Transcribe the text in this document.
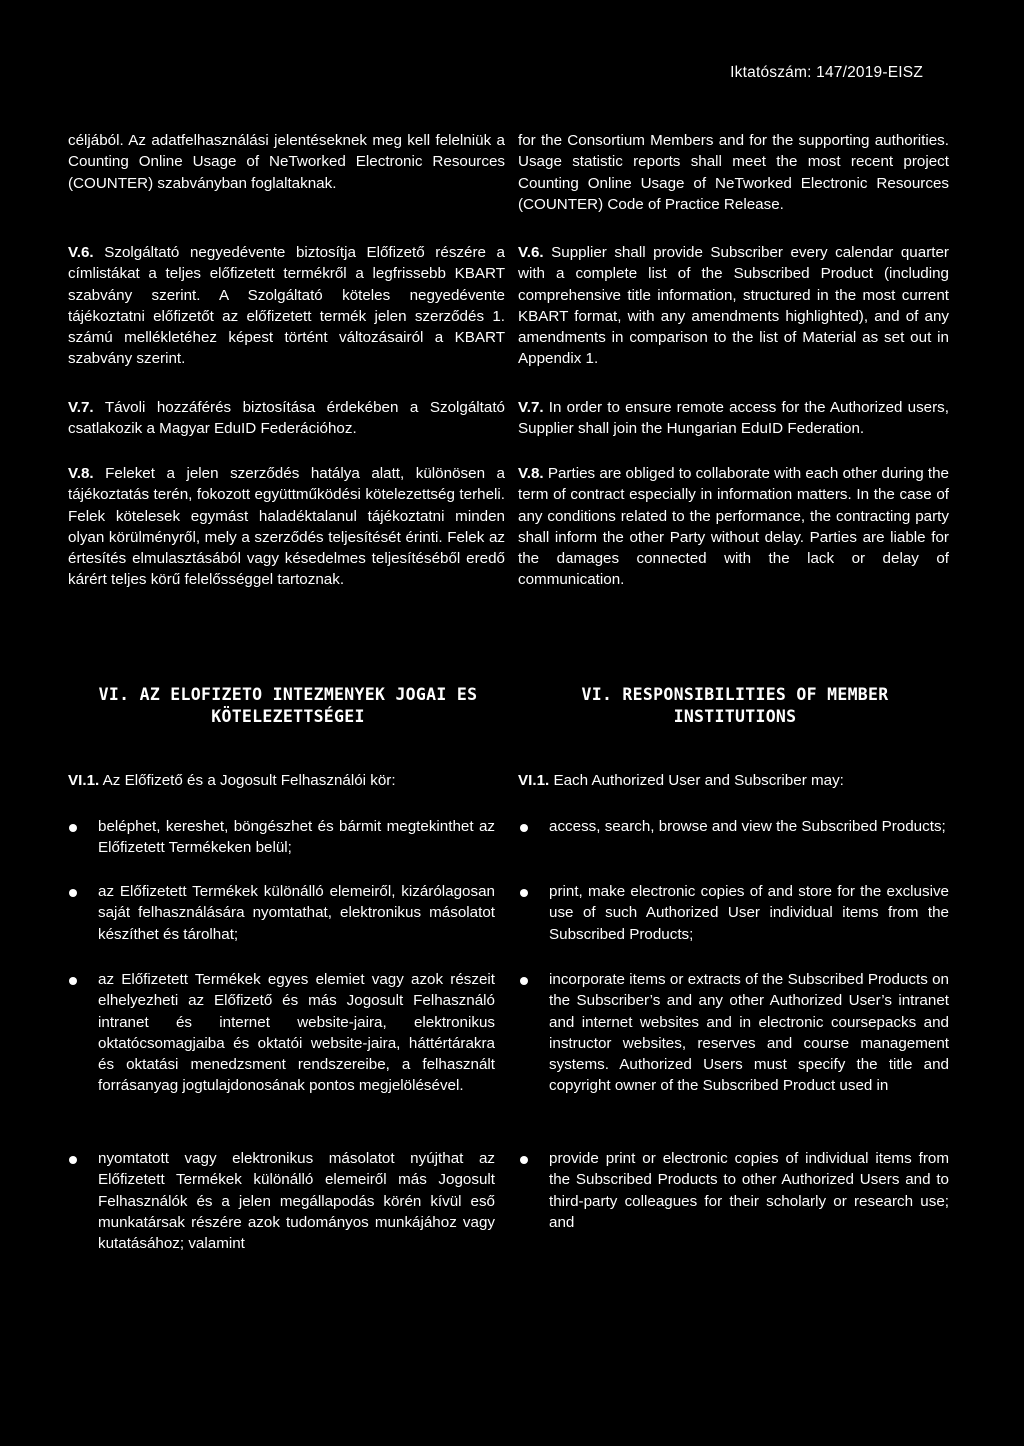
Iktatószám: 147/2019-EISZ
céljából. Az adatfelhasználási jelentéseknek meg kell felelniük a Counting Online Usage of NeTworked Electronic Resources (COUNTER) szabványban foglaltaknak.
for the Consortium Members and for the supporting authorities. Usage statistic reports shall meet the most recent project Counting Online Usage of NeTworked Electronic Resources (COUNTER) Code of Practice Release.
V.6. Szolgáltató negyedévente biztosítja Előfizető részére a címlistákat a teljes előfizetett termékről a legfrissebb KBART szabvány szerint. A Szolgáltató köteles negyedévente tájékoztatni előfizetőt az előfizetett termék jelen szerződés 1. számú mellékletéhez képest történt változásairól a KBART szabvány szerint.
V.6. Supplier shall provide Subscriber every calendar quarter with a complete list of the Subscribed Product (including comprehensive title information, structured in the most current KBART format, with any amendments highlighted), and of any amendments in comparison to the list of Material as set out in Appendix 1.
V.7. Távoli hozzáférés biztosítása érdekében a Szolgáltató csatlakozik a Magyar EduID Federációhoz.
V.7. In order to ensure remote access for the Authorized users, Supplier shall join the Hungarian EduID Federation.
V.8. Feleket a jelen szerződés hatálya alatt, különösen a tájékoztatás terén, fokozott együttműködési kötelezettség terheli. Felek kötelesek egymást haladéktalanul tájékoztatni minden olyan körülményről, mely a szerződés teljesítését érinti. Felek az értesítés elmulasztásából vagy késedelmes teljesítéséből eredő kárért teljes körű felelősséggel tartoznak.
V.8. Parties are obliged to collaborate with each other during the term of contract especially in information matters. In the case of any conditions related to the performance, the contracting party shall inform the other Party without delay. Parties are liable for the damages connected with the lack or delay of communication.
VI. AZ ELOFIZETO INTEZMENYEK JOGAI ES KÖTELEZETTSÉGEI
VI. RESPONSIBILITIES OF MEMBER INSTITUTIONS
VI.1. Az Előfizető és a Jogosult Felhasználói kör:	VI.1. Each Authorized User and Subscriber may:
beléphet, kereshet, böngészhet és bármit megtekinthet az Előfizetett Termékeken belül;
access, search, browse and view the Subscribed Products;
az Előfizetett Termékek különálló elemeiről, kizárólagosan saját felhasználására nyomtathat, elektronikus másolatot készíthet és tárolhat;
print, make electronic copies of and store for the exclusive use of such Authorized User individual items from the Subscribed Products;
az Előfizetett Termékek egyes elemiet vagy azok részeit elhelyezheti az Előfizető és más Jogosult Felhasználó intranet és internet website-jaira, elektronikus oktatócsomagjaiba és oktatói website-jaira, háttértárakra és oktatási menedzsment rendszereibe, a felhasznált forrásanyag jogtulajdonosának pontos megjelölésével.
incorporate items or extracts of the Subscribed Products on the Subscriber’s and any other Authorized User’s intranet and internet websites and in electronic coursepacks and instructor websites, reserves and course management systems. Authorized Users must specify the title and copyright owner of the Subscribed Product used in
nyomtatott vagy elektronikus másolatot nyújthat az Előfizetett Termékek különálló elemeiről más Jogosult Felhasználók és a jelen megállapodás körén kívül eső munkatársak részére azok tudományos munkájához vagy kutatásához; valamint
provide print or electronic copies of individual items from the Subscribed Products to other Authorized Users and to third-party colleagues for their scholarly or research use; and
